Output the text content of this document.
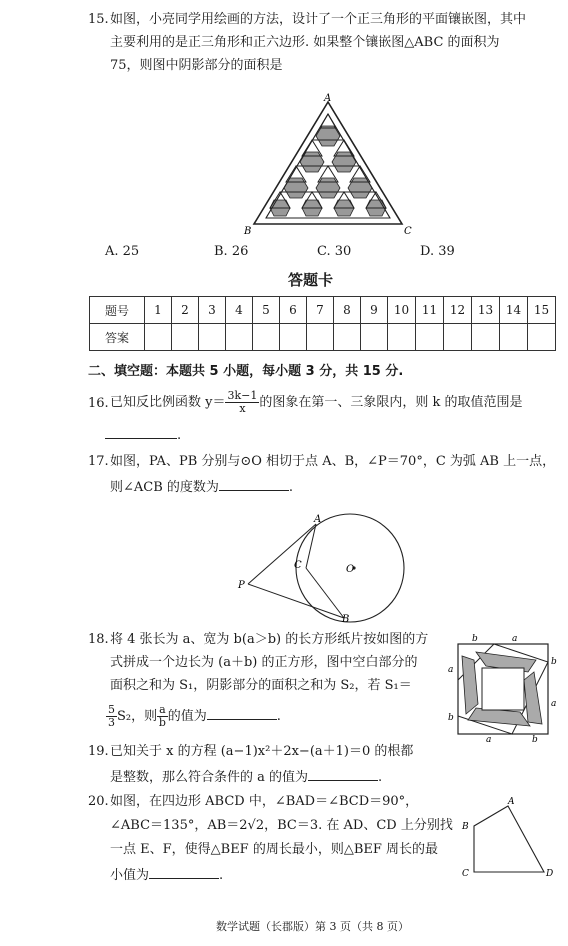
15. 如图，小亮同学用绘画的方法，设计了一个正三角形的平面镶嵌图，其中
主要利用的是正三角形和正六边形. 如果整个镶嵌图△ABC 的面积为
75，则图中阴影部分的面积是
A
B	C
A. 25	B. 26	C. 30	D. 39
答题卡
题号	1	2	3	4	5	6	7	8	9	10	11	12	13	14	15
答案															
二、填空题：本题共 5 小题，每小题 3 分，共 15 分.
16. 已知反比例函数 $y= \frac{3k-1}{x}$ 的图象在第一、三象限内，则 k 的取值范围是
.
17. 如图，PA、PB 分别与⊙O 相切于点 A、B，∠P＝70°，C 为弧 AB 上一点，
则∠ACB 的度数为	.
A
C
P
O
B
18. 将 4 张长为 a、宽为 b(a＞b) 的长方形纸片按如图的方
式拼成一个边长为 (a＋b) 的正方形，图中空白部分的
面积之和为 S₁，阴影部分的面积之和为 S₂，若 S₁＝
$\frac{5}{3} S_2$，则 $\frac{a}{b}$ 的值为	.
b	a
a
b
b
a
a	b
19. 已知关于 x 的方程 (a−1)x²＋2x−(a＋1)＝0 的根都
是整数，那么符合条件的 a 的值为	.
20. 如图，在四边形 ABCD 中，∠BAD＝∠BCD＝90°，
∠ABC＝135°，AB＝2√2，BC＝3. 在 AD、CD 上分别找
一点 E、F，使得△BEF 的周长最小，则△BEF 周长的最
小值为	.
A
B
C	D
数学试题（长郡版）第 3 页（共 8 页）
